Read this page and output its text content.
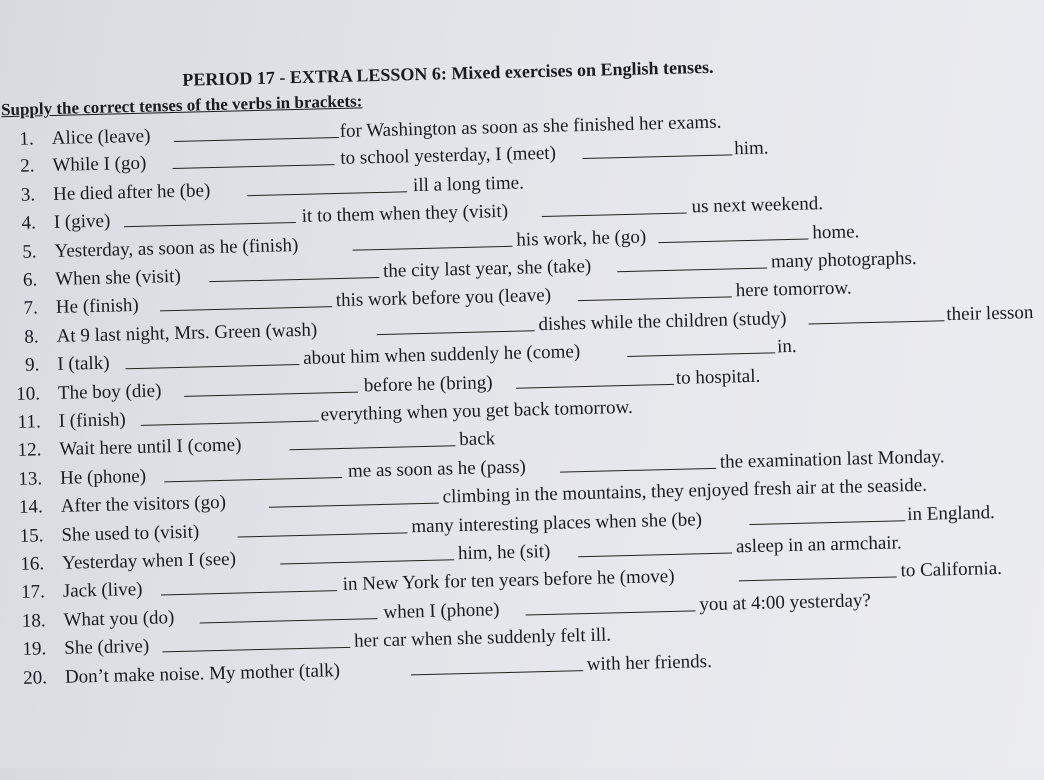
PERIOD 17 - EXTRA LESSON 6: Mixed exercises on English tenses.
Supply the correct tenses of the verbs in brackets:
1. Alice (leave)	for Washington as soon as she finished her exams.
2. While I (go)	to school yesterday, I (meet)	him.
3. He died after he (be)	ill a long time.
4. I (give)	it to them when they (visit)	us next weekend.
5. Yesterday, as soon as he (finish)	his work, he (go)	home.
6. When she (visit)	the city last year, she (take)	many photographs.
7. He (finish)	this work before you (leave)	here tomorrow.
8. At 9 last night, Mrs. Green (wash)	dishes while the children (study)	their lesson
9. I (talk)	about him when suddenly he (come)	in.
10. The boy (die)	before he (bring)	to hospital.
11. I (finish)	everything when you get back tomorrow.
12. Wait here until I (come)	back
13. He (phone)	me as soon as he (pass)	the examination last Monday.
14. After the visitors (go)	climbing in the mountains, they enjoyed fresh air at the seaside.
15. She used to (visit)	many interesting places when she (be)	in England.
16. Yesterday when I (see)	him, he (sit)	asleep in an armchair.
17. Jack (live)	in New York for ten years before he (move)	to California.
18. What you (do)	when I (phone)	you at 4:00 yesterday?
19. She (drive)	her car when she suddenly felt ill.
20. Don’t make noise. My mother (talk)	with her friends.
